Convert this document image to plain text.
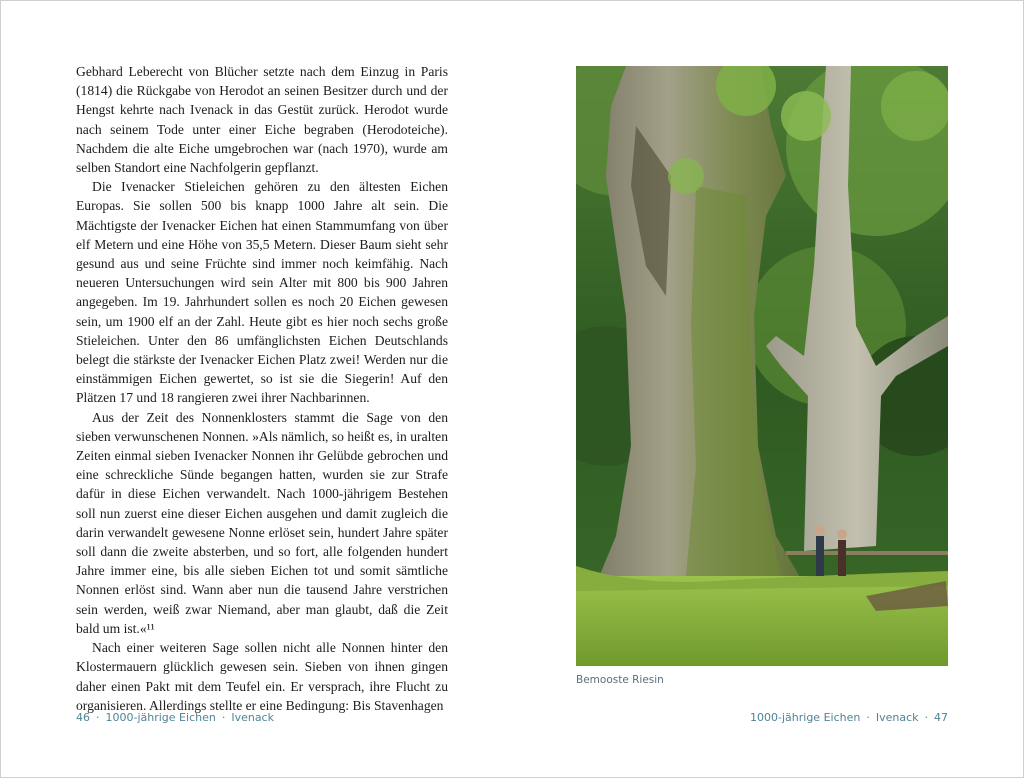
Gebhard Leberecht von Blücher setzte nach dem Einzug in Paris (1814) die Rückgabe von Herodot an seinen Besitzer durch und der Hengst kehrte nach Ivenack in das Gestüt zurück. Herodot wurde nach seinem Tode unter einer Eiche begraben (Herodoteiche). Nachdem die alte Eiche umgebrochen war (nach 1970), wurde am selben Standort eine Nachfolgerin gepflanzt.

Die Ivenacker Stieleichen gehören zu den ältesten Eichen Europas. Sie sollen 500 bis knapp 1000 Jahre alt sein. Die Mächtigste der Ivenacker Eichen hat einen Stammumfang von über elf Metern und eine Höhe von 35,5 Metern. Dieser Baum sieht sehr gesund aus und seine Früchte sind immer noch keimfähig. Nach neueren Untersuchungen wird sein Alter mit 800 bis 900 Jahren angegeben. Im 19. Jahrhundert sollen es noch 20 Eichen gewesen sein, um 1900 elf an der Zahl. Heute gibt es hier noch sechs große Stieleichen. Unter den 86 umfänglichsten Eichen Deutschlands belegt die stärkste der Ivenacker Eichen Platz zwei! Werden nur die einstämmigen Eichen gewertet, so ist sie die Siegerin! Auf den Plätzen 17 und 18 rangieren zwei ihrer Nachbarinnen.

Aus der Zeit des Nonnenklosters stammt die Sage von den sieben verwunschenen Nonnen. »Als nämlich, so heißt es, in uralten Zeiten einmal sieben Ivenacker Nonnen ihr Gelübde gebrochen und eine schreckliche Sünde begangen hatten, wurden sie zur Strafe dafür in diese Eichen verwandelt. Nach 1000-jährigem Bestehen soll nun zuerst eine dieser Eichen ausgehen und damit zugleich die darin verwandelt gewesene Nonne erlöset sein, hundert Jahre später soll dann die zweite absterben, und so fort, alle folgenden hundert Jahre immer eine, bis alle sieben Eichen tot und somit sämtliche Nonnen erlöst sind. Wann aber nun die tausend Jahre verstrichen sein werden, weiß zwar Niemand, aber man glaubt, daß die Zeit bald um ist.«¹¹

Nach einer weiteren Sage sollen nicht alle Nonnen hinter den Klostermauern glücklich gewesen sein. Sieben von ihnen gingen daher einen Pakt mit dem Teufel ein. Er versprach, ihre Flucht zu organisieren. Allerdings stellte er eine Bedingung: Bis Stavenhagen

Bemooste Riesin
46 · 1000-jährige Eichen · Ivenack	1000-jährige Eichen · Ivenack · 47
